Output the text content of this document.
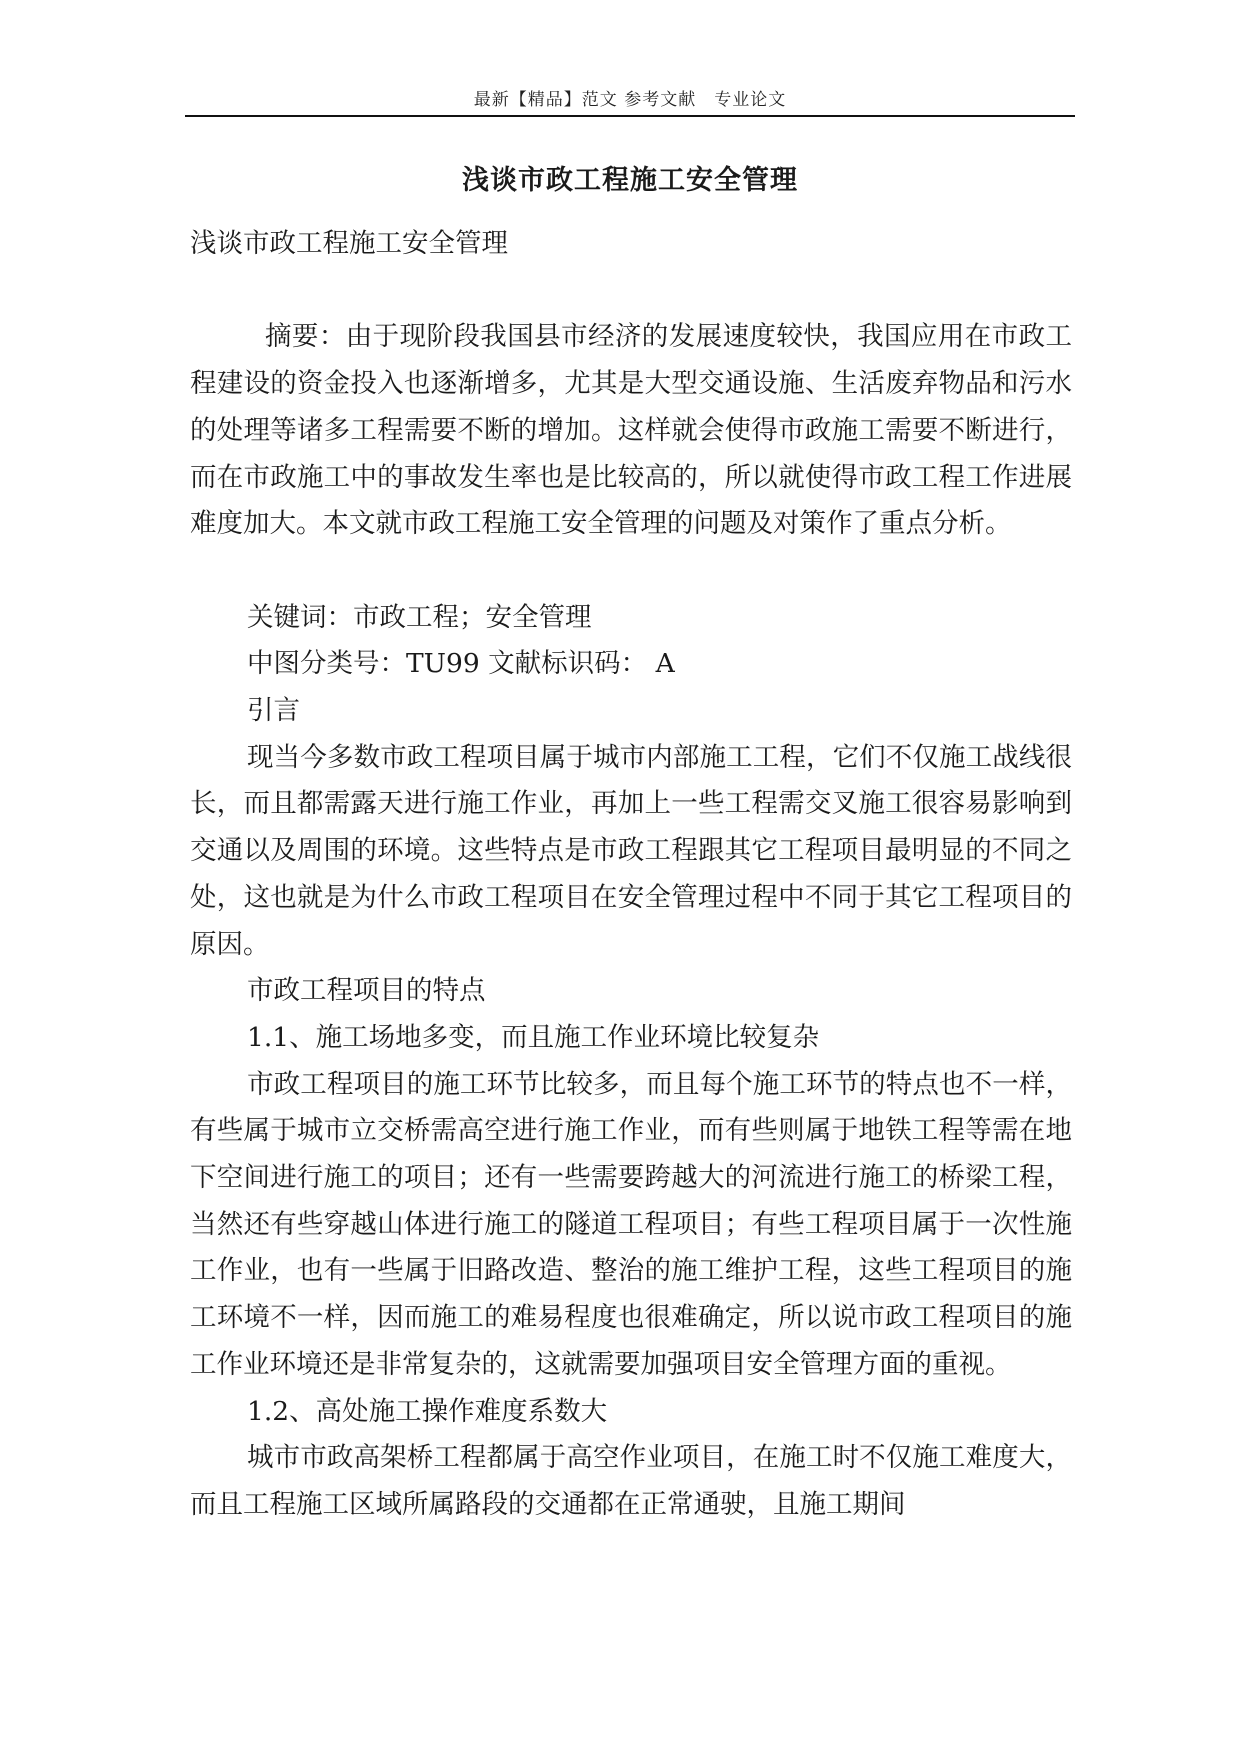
最新【精品】范文 参考文献　专业论文
浅谈市政工程施工安全管理

浅谈市政工程施工安全管理

摘要：由于现阶段我国县市经济的发展速度较快，我国应用在市政工程建设的资金投入也逐渐增多，尤其是大型交通设施、生活废弃物品和污水的处理等诸多工程需要不断的增加。这样就会使得市政施工需要不断进行，而在市政施工中的事故发生率也是比较高的，所以就使得市政工程工作进展难度加大。本文就市政工程施工安全管理的问题及对策作了重点分析。

关键词：市政工程；安全管理

中图分类号：TU99 文献标识码： A

引言

现当今多数市政工程项目属于城市内部施工工程，它们不仅施工战线很长，而且都需露天进行施工作业，再加上一些工程需交叉施工很容易影响到交通以及周围的环境。这些特点是市政工程跟其它工程项目最明显的不同之处，这也就是为什么市政工程项目在安全管理过程中不同于其它工程项目的原因。

市政工程项目的特点

1.1、施工场地多变，而且施工作业环境比较复杂

市政工程项目的施工环节比较多，而且每个施工环节的特点也不一样，有些属于城市立交桥需高空进行施工作业，而有些则属于地铁工程等需在地下空间进行施工的项目；还有一些需要跨越大的河流进行施工的桥梁工程，当然还有些穿越山体进行施工的隧道工程项目；有些工程项目属于一次性施工作业，也有一些属于旧路改造、整治的施工维护工程，这些工程项目的施工环境不一样，因而施工的难易程度也很难确定，所以说市政工程项目的施工作业环境还是非常复杂的，这就需要加强项目安全管理方面的重视。

1.2、高处施工操作难度系数大

城市市政高架桥工程都属于高空作业项目，在施工时不仅施工难度大，而且工程施工区域所属路段的交通都在正常通驶，且施工期间
